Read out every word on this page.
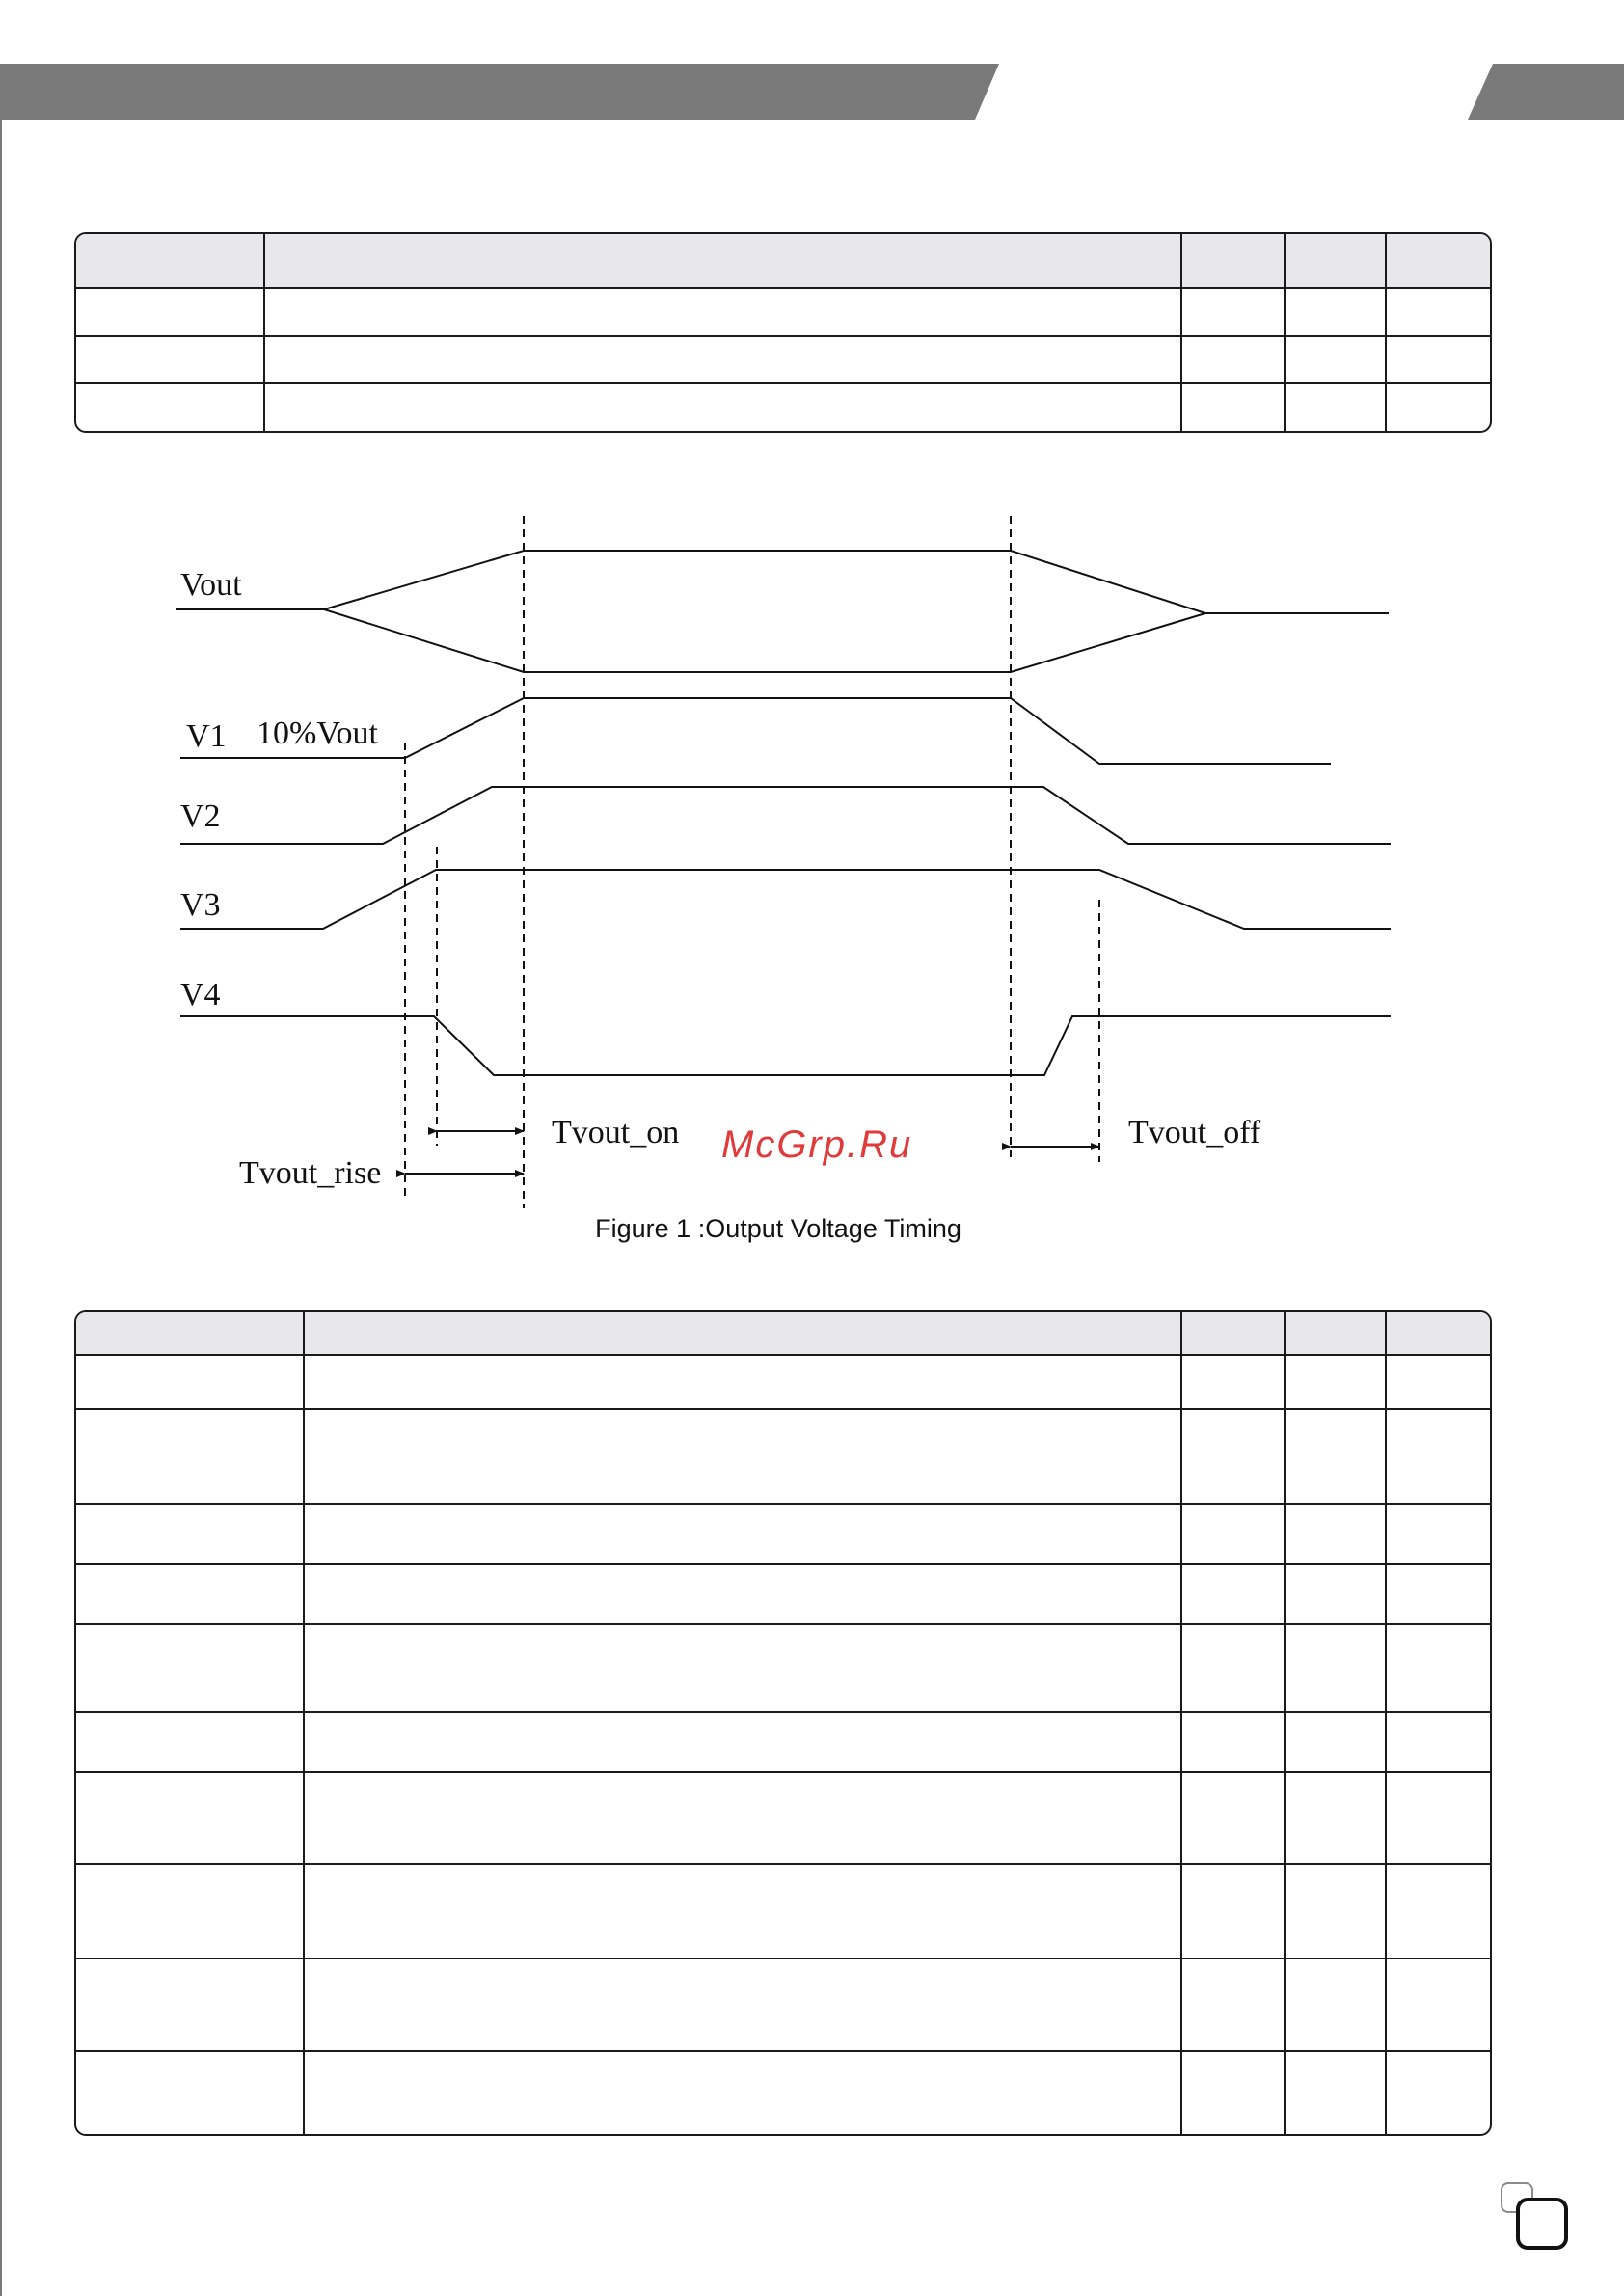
Vout
V1 10%Vout
V2
V3
V4
Tvout_on	Tvout_off
Tvout_rise
McGrp.Ru
Figure 1 :Output Voltage Timing
